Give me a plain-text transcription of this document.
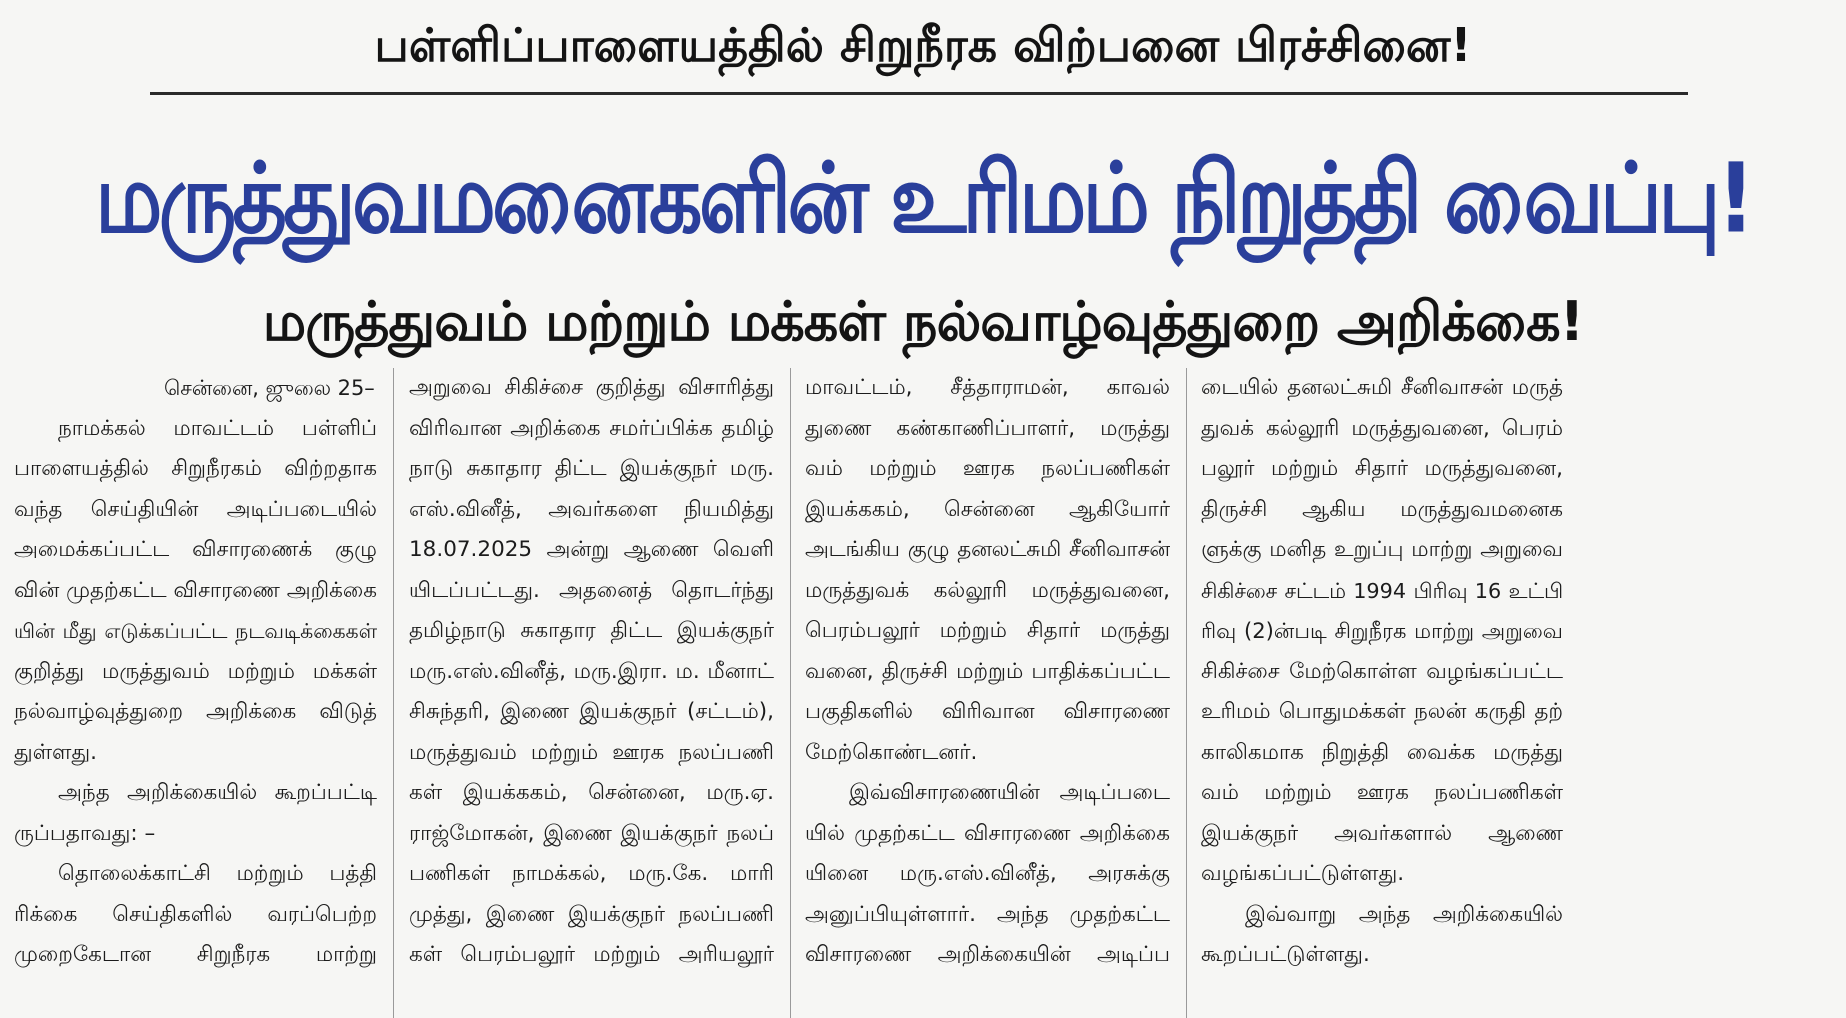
பள்ளிப்பாளையத்தில் சிறுநீரக விற்பனை பிரச்சினை!
மருத்துவமனைகளின் உரிமம் நிறுத்தி வைப்பு!
மருத்துவம் மற்றும் மக்கள் நல்வாழ்வுத்துறை அறிக்கை!

சென்னை, ஜுலை 25–

நாமக்கல் மாவட்டம் பள்ளிப்
பாளையத்தில் சிறுநீரகம் விற்றதாக
வந்த செய்தியின் அடிப்படையில்
அமைக்கப்பட்ட விசாரணைக் குழு
வின் முதற்கட்ட விசாரணை அறிக்கை
யின் மீது எடுக்கப்பட்ட நடவடிக்கைகள்
குறித்து மருத்துவம் மற்றும் மக்கள்
நல்வாழ்வுத்துறை அறிக்கை விடுத்
துள்ளது.

அந்த அறிக்கையில் கூறப்பட்டி
ருப்பதாவது: –

தொலைக்காட்சி மற்றும் பத்தி
ரிக்கை செய்திகளில் வரப்பெற்ற
முறைகேடான சிறுநீரக மாற்று

அறுவை சிகிச்சை குறித்து விசாரித்து
விரிவான அறிக்கை சமர்ப்பிக்க தமிழ்
நாடு சுகாதார திட்ட இயக்குநர் மரு.
எஸ்.வினீத், அவர்களை நியமித்து
18.07.2025 அன்று ஆணை வெளி
யிடப்பட்டது. அதனைத் தொடர்ந்து
தமிழ்நாடு சுகாதார திட்ட இயக்குநர்
மரு.எஸ்.வினீத், மரு.இரா. ம. மீனாட்
சிசுந்தரி, இணை இயக்குநர் (சட்டம்),
மருத்துவம் மற்றும் ஊரக நலப்பணி
கள் இயக்ககம், சென்னை, மரு.ஏ.
ராஜ்மோகன், இணை இயக்குநர் நலப்
பணிகள் நாமக்கல், மரு.கே. மாரி
முத்து, இணை இயக்குநர் நலப்பணி
கள் பெரம்பலூர் மற்றும் அரியலூர்

மாவட்டம், சீத்தாராமன், காவல்
துணை கண்காணிப்பாளர், மருத்து
வம் மற்றும் ஊரக நலப்பணிகள்
இயக்ககம், சென்னை ஆகியோர்
அடங்கிய குழு தனலட்சுமி சீனிவாசன்
மருத்துவக் கல்லூரி மருத்துவனை,
பெரம்பலூர் மற்றும் சிதார் மருத்து
வனை, திருச்சி மற்றும் பாதிக்கப்பட்ட
பகுதிகளில் விரிவான விசாரணை
மேற்கொண்டனர்.

இவ்விசாரணையின் அடிப்படை
யில் முதற்கட்ட விசாரணை அறிக்கை
யினை மரு.எஸ்.வினீத், அரசுக்கு
அனுப்பியுள்ளார். அந்த முதற்கட்ட
விசாரணை அறிக்கையின் அடிப்ப

டையில் தனலட்சுமி சீனிவாசன் மருத்
துவக் கல்லூரி மருத்துவனை, பெரம்
பலூர் மற்றும் சிதார் மருத்துவனை,
திருச்சி ஆகிய மருத்துவமனைக
ளுக்கு மனித உறுப்பு மாற்று அறுவை
சிகிச்சை சட்டம் 1994 பிரிவு 16 உட்பி
ரிவு (2)ன்படி சிறுநீரக மாற்று அறுவை
சிகிச்சை மேற்கொள்ள வழங்கப்பட்ட
உரிமம் பொதுமக்கள் நலன் கருதி தற்
காலிகமாக நிறுத்தி வைக்க மருத்து
வம் மற்றும் ஊரக நலப்பணிகள்
இயக்குநர் அவர்களால் ஆணை
வழங்கப்பட்டுள்ளது.

இவ்வாறு அந்த அறிக்கையில்
கூறப்பட்டுள்ளது.
